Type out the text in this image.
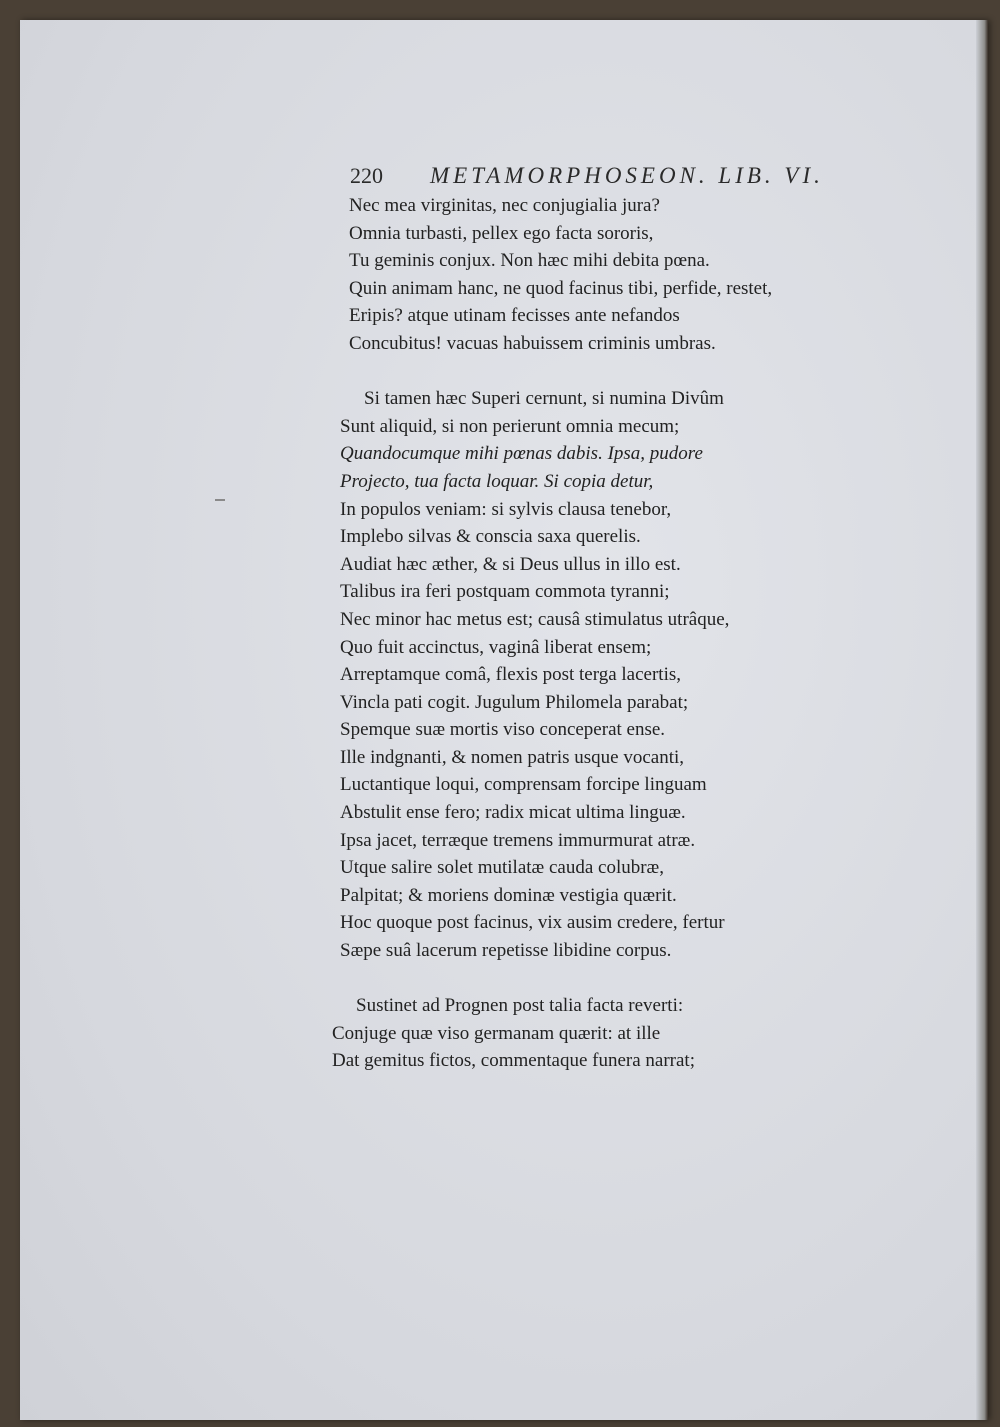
220 METAMORPHOSEON. LIB. VI.
Nec mea virginitas, nec conjugialia jura?
Omnia turbasti, pellex ego facta sororis,
Tu geminis conjux. Non hæc mihi debita pœna.
Quin animam hanc, ne quod facinus tibi, perfide, restet,
Eripis? atque utinam fecisses ante nefandos
Concubitus! vacuas habuissem criminis umbras.
Si tamen hæc Superi cernunt, si numina Divûm
Sunt aliquid, si non perierunt omnia mecum;
Quandocumque mihi pœnas dabis. Ipsa, pudore
Projecto, tua facta loquar. Si copia detur,
In populos veniam: si sylvis clausa tenebor,
Implebo silvas & conscia saxa querelis.
Audiat hæc æther, & si Deus ullus in illo est.
Talibus ira feri postquam commota tyranni;
Nec minor hac metus est; causâ stimulatus utrâque,
Quo fuit accinctus, vaginâ liberat ensem;
Arreptamque comâ, flexis post terga lacertis,
Vincla pati cogit. Jugulum Philomela parabat;
Spemque suæ mortis viso conceperat ense.
Ille indgnanti, & nomen patris usque vocanti,
Luctantique loqui, comprensam forcipe linguam
Abstulit ense fero; radix micat ultima linguæ.
Ipsa jacet, terræque tremens immurmurat atræ.
Utque salire solet mutilatæ cauda colubræ,
Palpitat; & moriens dominæ vestigia quærit.
Hoc quoque post facinus, vix ausim credere, fertur
Sæpe suâ lacerum repetisse libidine corpus.
Sustinet ad Prognen post talia facta reverti:
Conjuge quæ viso germanam quærit: at ille
Dat gemitus fictos, commentaque funera narrat;
